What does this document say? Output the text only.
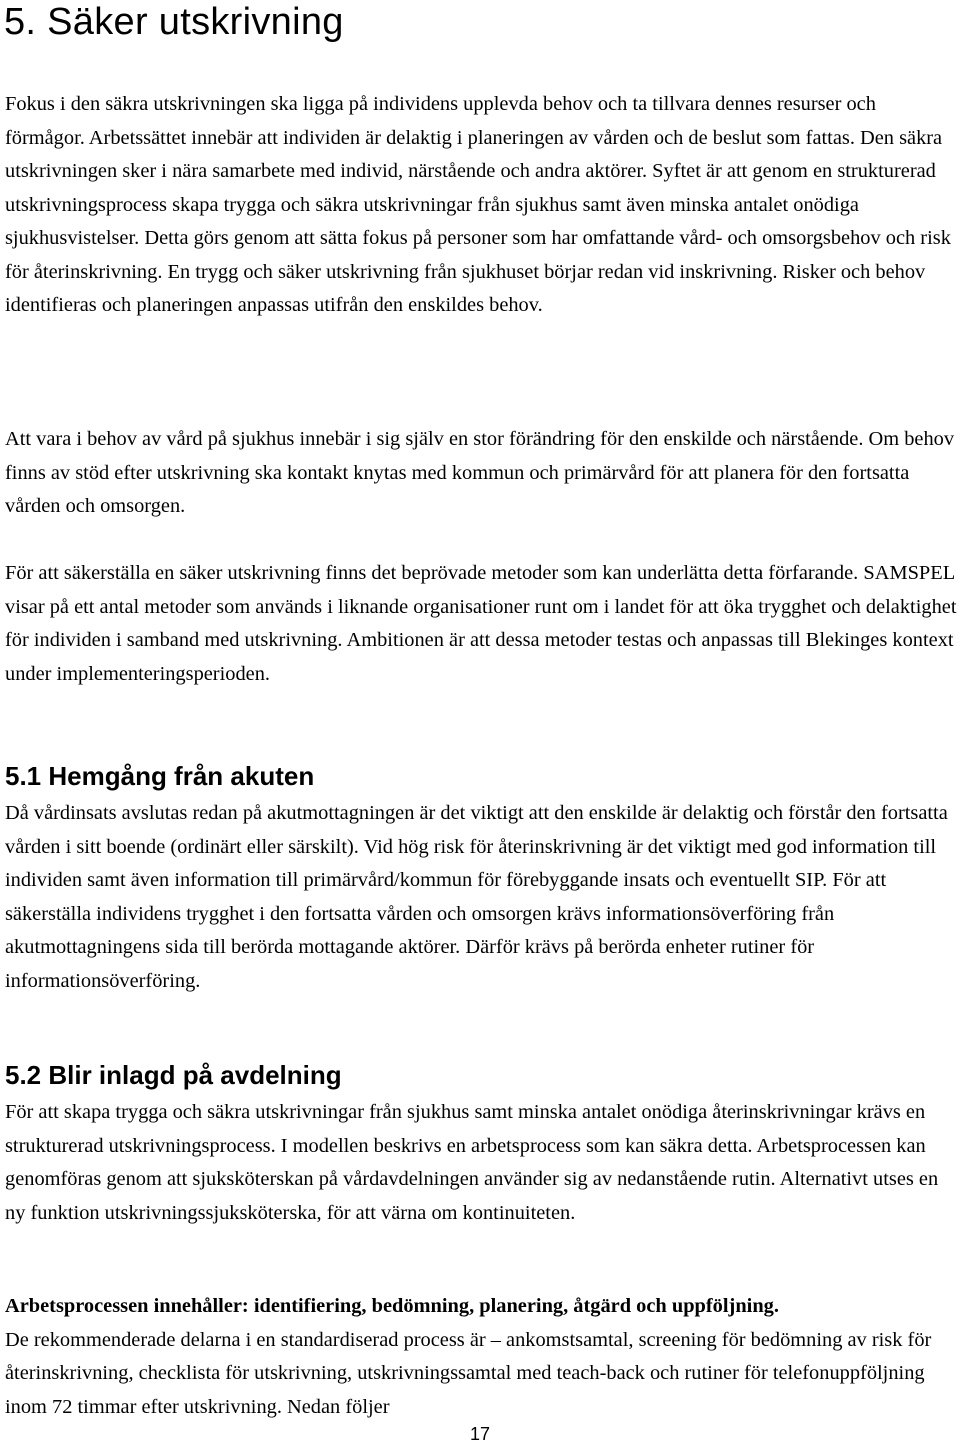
5. Säker utskrivning

Fokus i den säkra utskrivningen ska ligga på individens upplevda behov och ta tillvara dennes resurser och förmågor. Arbetssättet innebär att individen är delaktig i planeringen av vården och de beslut som fattas. Den säkra utskrivningen sker i nära samarbete med individ, närstående och andra aktörer. Syftet är att genom en strukturerad utskrivningsprocess skapa trygga och säkra utskrivningar från sjukhus samt även minska antalet onödiga sjukhusvistelser. Detta görs genom att sätta fokus på personer som har omfattande vård- och omsorgsbehov och risk för återinskrivning. En trygg och säker utskrivning från sjukhuset börjar redan vid inskrivning. Risker och behov identifieras och planeringen anpassas utifrån den enskildes behov.

Att vara i behov av vård på sjukhus innebär i sig själv en stor förändring för den enskilde och närstående. Om behov finns av stöd efter utskrivning ska kontakt knytas med kommun och primärvård för att planera för den fortsatta vården och omsorgen.

För att säkerställa en säker utskrivning finns det beprövade metoder som kan underlätta detta förfarande. SAMSPEL visar på ett antal metoder som används i liknande organisationer runt om i landet för att öka trygghet och delaktighet för individen i samband med utskrivning. Ambitionen är att dessa metoder testas och anpassas till Blekinges kontext under implementeringsperioden.

5.1 Hemgång från akuten

Då vårdinsats avslutas redan på akutmottagningen är det viktigt att den enskilde är delaktig och förstår den fortsatta vården i sitt boende (ordinärt eller särskilt). Vid hög risk för återinskrivning är det viktigt med god information till individen samt även information till primärvård/kommun för förebyggande insats och eventuellt SIP. För att säkerställa individens trygghet i den fortsatta vården och omsorgen krävs informationsöverföring från akutmottagningens sida till berörda mottagande aktörer. Därför krävs på berörda enheter rutiner för informationsöverföring.

5.2 Blir inlagd på avdelning

För att skapa trygga och säkra utskrivningar från sjukhus samt minska antalet onödiga återinskrivningar krävs en strukturerad utskrivningsprocess. I modellen beskrivs en arbetsprocess som kan säkra detta. Arbetsprocessen kan genomföras genom att sjuksköterskan på vårdavdelningen använder sig av nedanstående rutin. Alternativt utses en ny funktion utskrivningssjuksköterska, för att värna om kontinuiteten.

Arbetsprocessen innehåller: identifiering, bedömning, planering, åtgärd och uppföljning.
De rekommenderade delarna i en standardiserad process är – ankomstsamtal, screening för bedömning av risk för återinskrivning, checklista för utskrivning, utskrivningssamtal med teach-back och rutiner för telefonuppföljning inom 72 timmar efter utskrivning. Nedan följer

17
